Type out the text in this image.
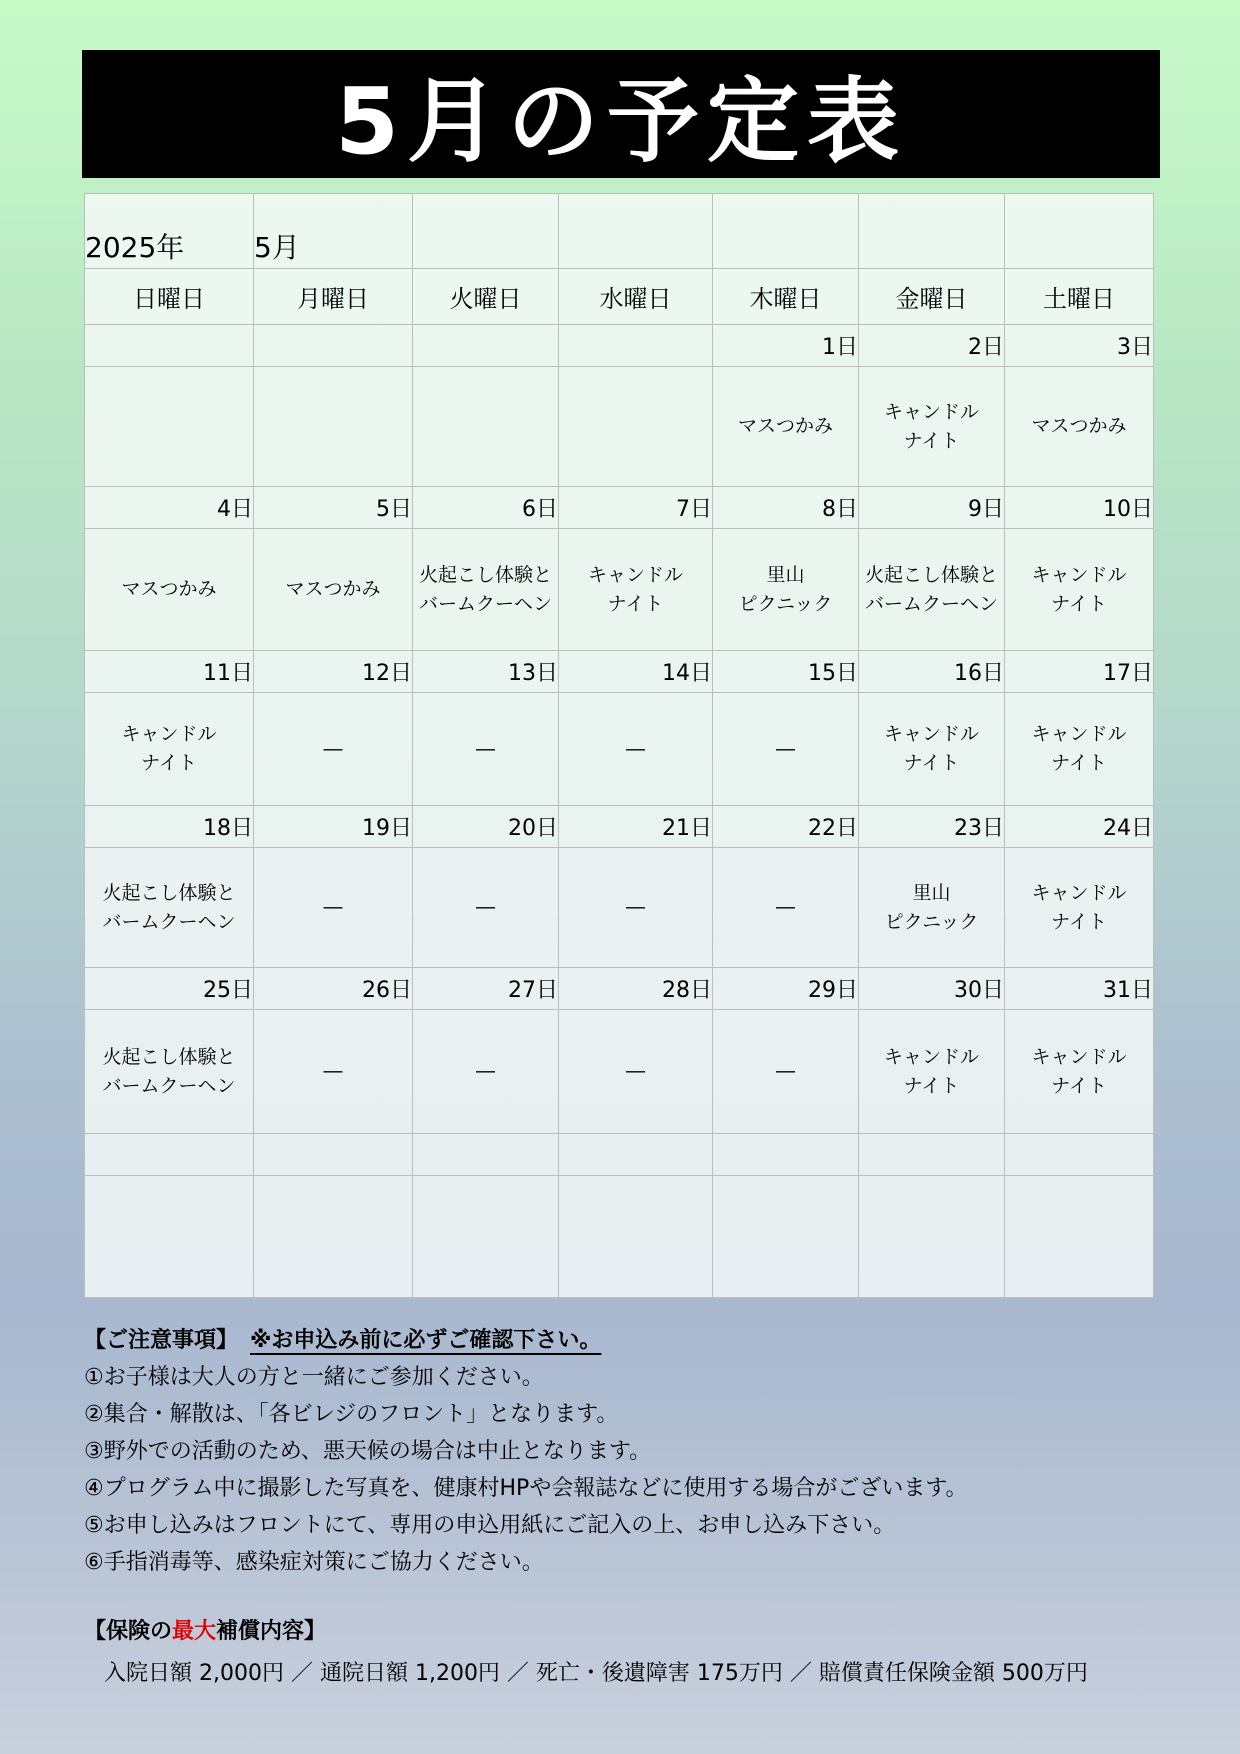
5月の予定表
2025年	5月					

日曜日	月曜日	火曜日	水曜日	木曜日	金曜日	土曜日
				1日	2日	3日
				マスつかみ	キャンドル
ナイト	マスつかみ
4日	5日	6日	7日	8日	9日	10日
マスつかみ	マスつかみ	火起こし体験と
バームクーヘン	キャンドル
ナイト	里山
ピクニック	火起こし体験と
バームクーヘン	キャンドル
ナイト
11日	12日	13日	14日	15日	16日	17日
キャンドル
ナイト	―	―	―	―	キャンドル
ナイト	キャンドル
ナイト
18日	19日	20日	21日	22日	23日	24日
火起こし体験と
バームクーヘン	―	―	―	―	里山
ピクニック	キャンドル
ナイト
25日	26日	27日	28日	29日	30日	31日
火起こし体験と
バームクーヘン	―	―	―	―	キャンドル
ナイト	キャンドル
ナイト

【ご注意事項】 ※お申込み前に必ずご確認下さい。
①お子様は大人の方と一緒にご参加ください。
②集合・解散は、「各ビレジのフロント」となります。
③野外での活動のため、悪天候の場合は中止となります。
④プログラム中に撮影した写真を、健康村HPや会報誌などに使用する場合がございます。
⑤お申し込みはフロントにて、専用の申込用紙にご記入の上、お申し込み下さい。
⑥手指消毒等、感染症対策にご協力ください。
【保険の最大補償内容】
入院日額 2,000円 ／ 通院日額 1,200円 ／ 死亡・後遺障害 175万円 ／ 賠償責任保険金額 500万円
